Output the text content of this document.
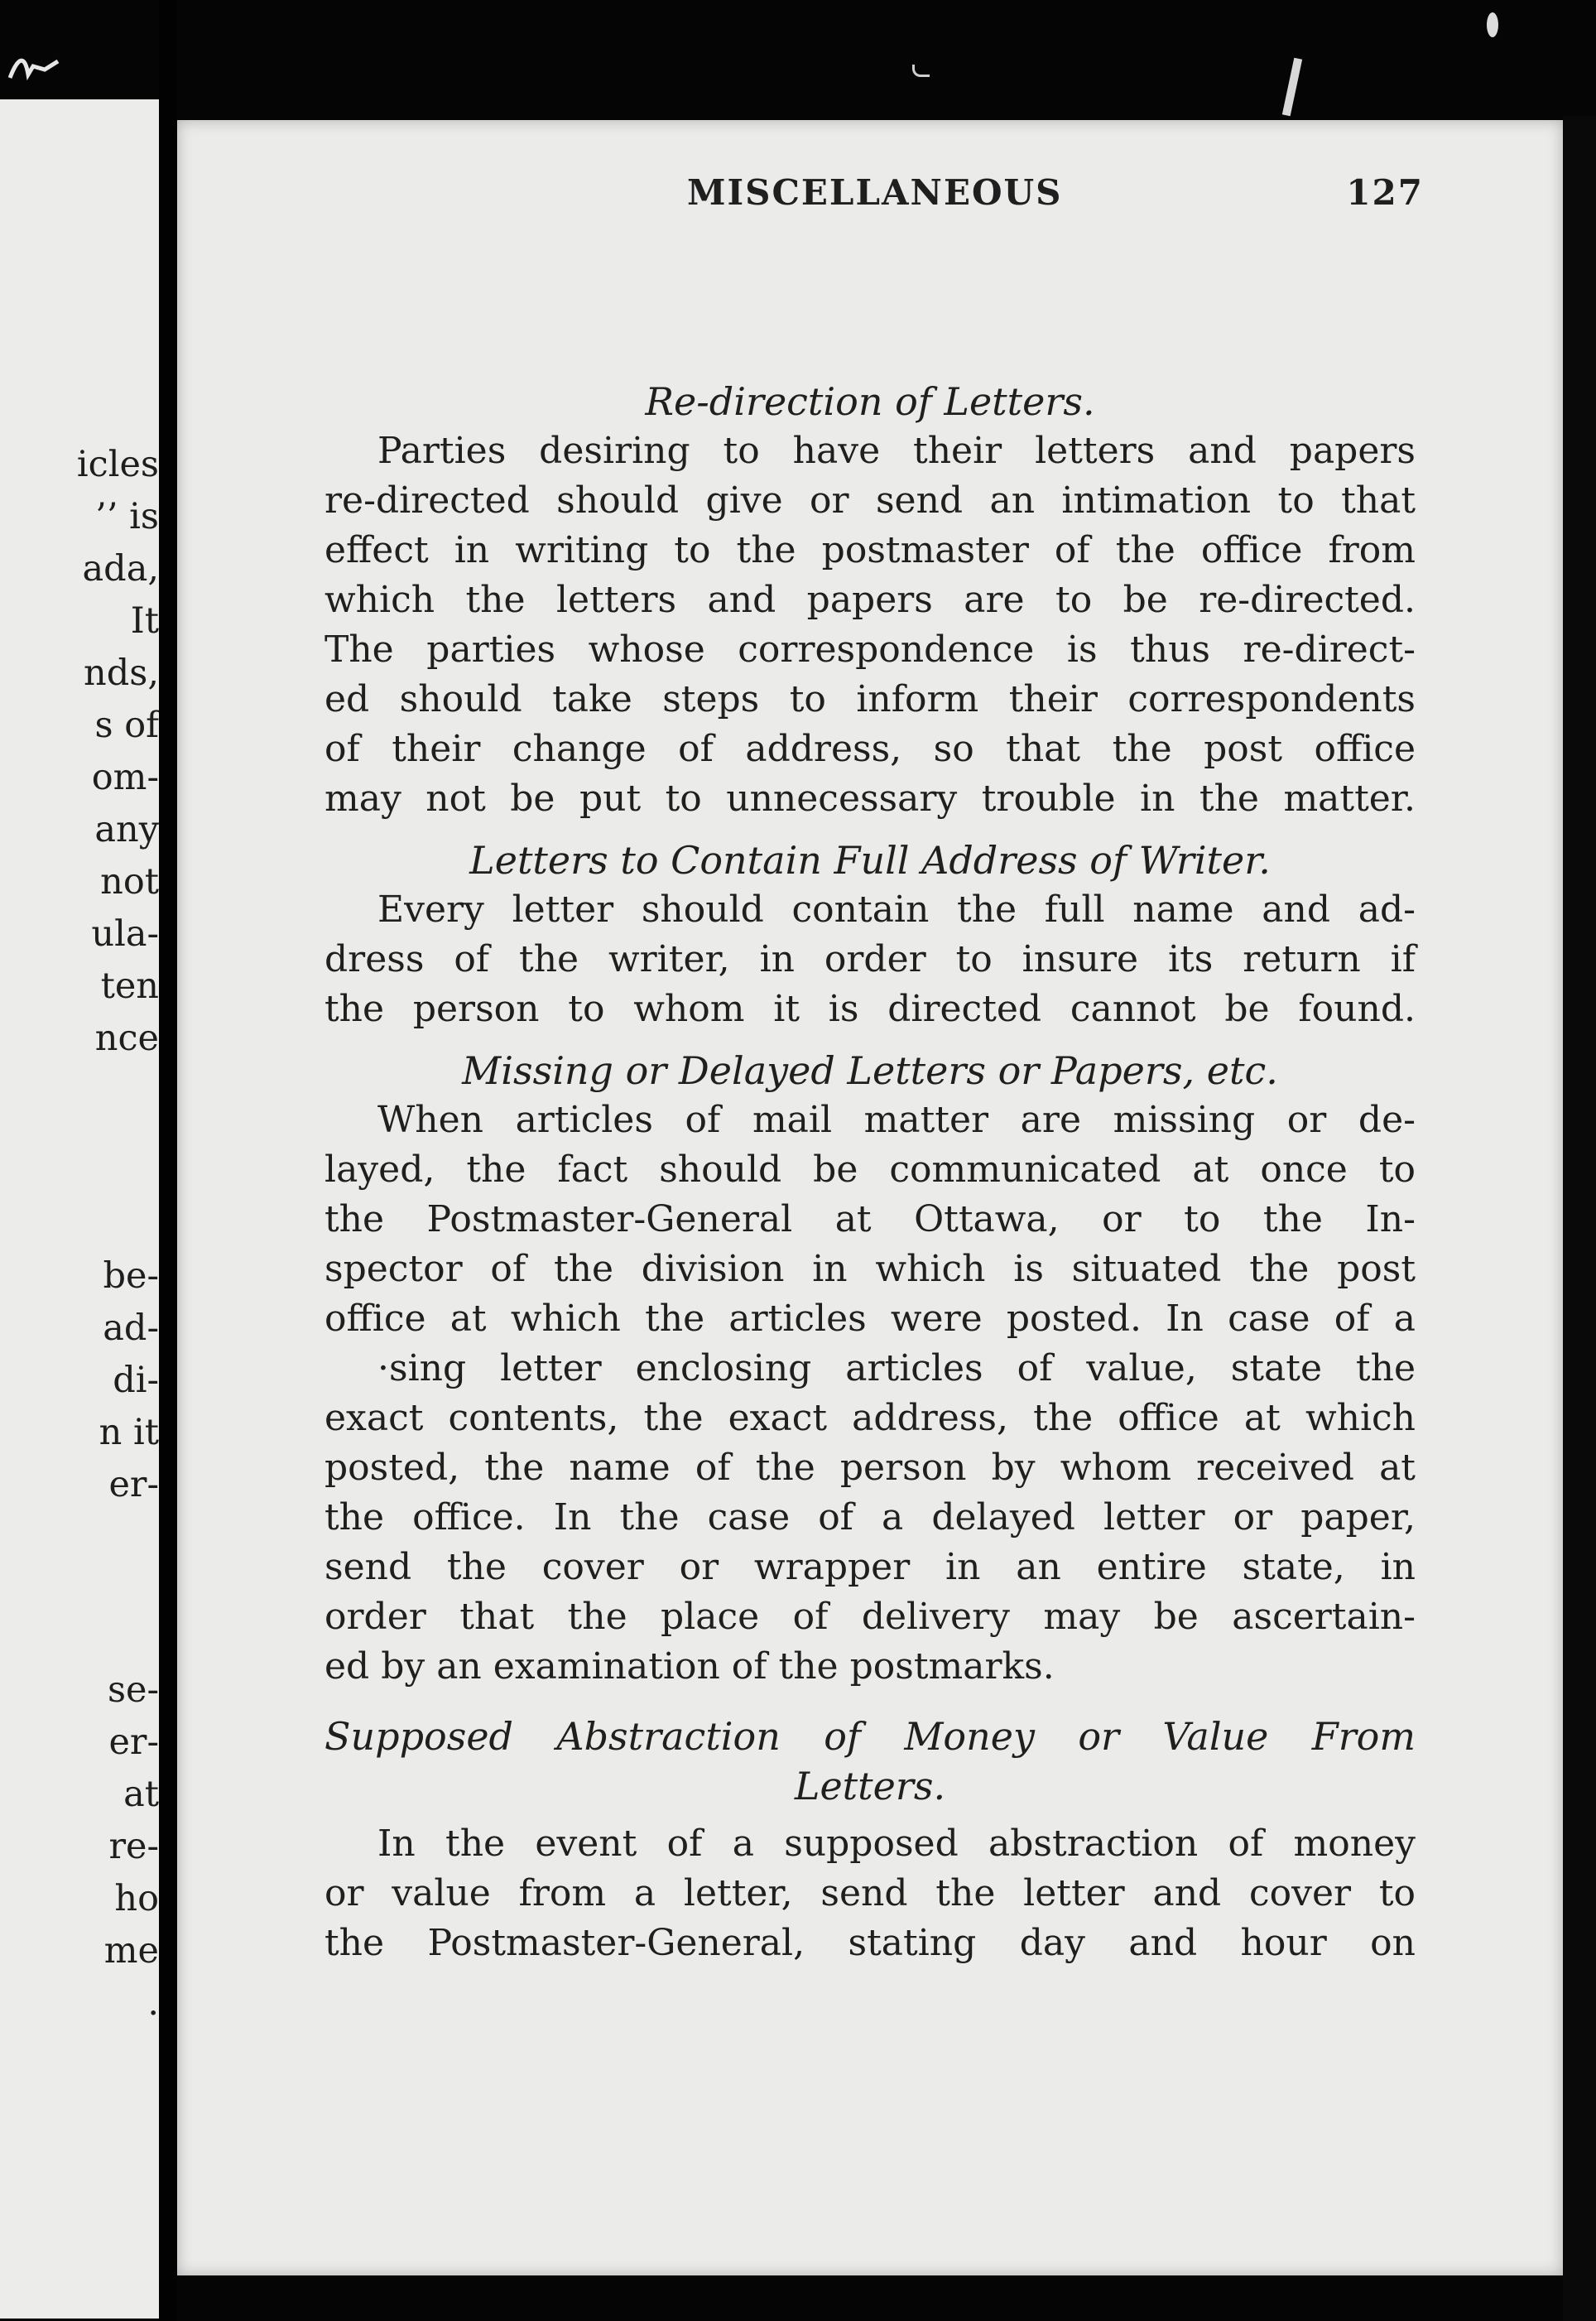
icles
’’ is
ada,
It
nds,
s of
om-
any
not
ula-
ten
nce
be-
ad-
di-
n it
er-
se-
er-
at
re-
ho
me
.
MISCELLANEOUS	127
Re-direction of Letters.
Parties desiring to have their letters and papers
re-directed should give or send an intimation to that
effect in writing to the postmaster of the office from
which the letters and papers are to be re-directed.
The parties whose correspondence is thus re-direct-
ed should take steps to inform their correspondents
of their change of address, so that the post office
may not be put to unnecessary trouble in the matter.
Letters to Contain Full Address of Writer.
Every letter should contain the full name and ad-
dress of the writer, in order to insure its return if
the person to whom it is directed cannot be found.
Missing or Delayed Letters or Papers, etc.
When articles of mail matter are missing or de-
layed, the fact should be communicated at once to
the Postmaster-General at Ottawa, or to the In-
spector of the division in which is situated the post
office at which the articles were posted. In case of a
·sing letter enclosing articles of value, state the
exact contents, the exact address, the office at which
posted, the name of the person by whom received at
the office. In the case of a delayed letter or paper,
send the cover or wrapper in an entire state, in
order that the place of delivery may be ascertain-
ed by an examination of the postmarks.
Supposed Abstraction of Money or Value From
Letters.
In the event of a supposed abstraction of money
or value from a letter, send the letter and cover to
the Postmaster-General, stating day and hour on
